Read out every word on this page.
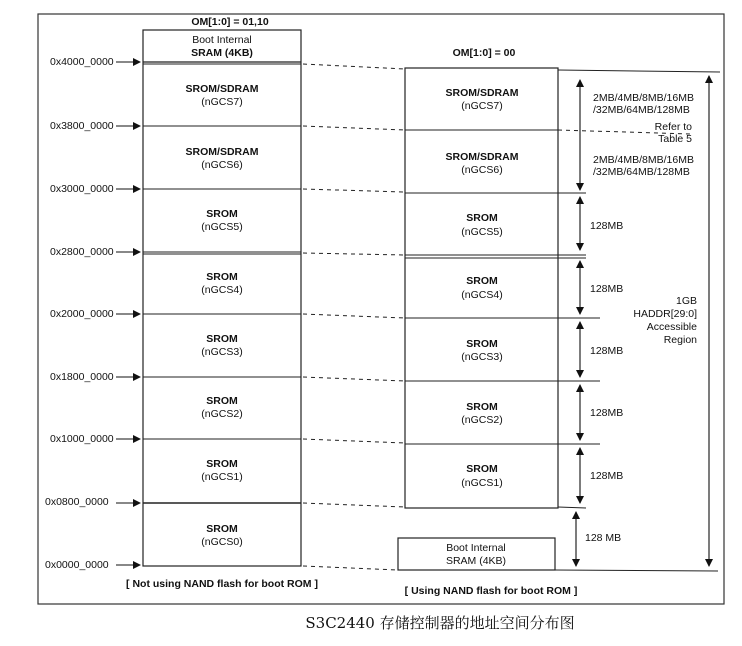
OM[1:0] = 01,10
OM[1:0] = 00
Boot Internal
SRAM (4KB)
SROM/SDRAM
(nGCS7)
SROM/SDRAM
(nGCS6)
SROM
(nGCS5)
SROM
(nGCS4)
SROM
(nGCS3)
SROM
(nGCS2)
SROM
(nGCS1)
SROM
(nGCS0)
0x4000_0000
0x3800_0000
0x3000_0000
0x2800_0000
0x2000_0000
0x1800_0000
0x1000_0000
0x0800_0000
0x0000_0000
SROM/SDRAM
(nGCS7)
SROM/SDRAM
(nGCS6)
SROM
(nGCS5)
SROM
(nGCS4)
SROM
(nGCS3)
SROM
(nGCS2)
SROM
(nGCS1)
Boot Internal
SRAM (4KB)
2MB/4MB/8MB/16MB
/32MB/64MB/128MB
Refer to
Table 5
2MB/4MB/8MB/16MB
/32MB/64MB/128MB
128MB
128MB
128MB
128MB
128MB
128 MB
1GB
HADDR[29:0]
Accessible
Region
[ Not using NAND flash for boot ROM ]
[ Using NAND flash for boot ROM ]
S3C2440 存储控制器的地址空间分布图
